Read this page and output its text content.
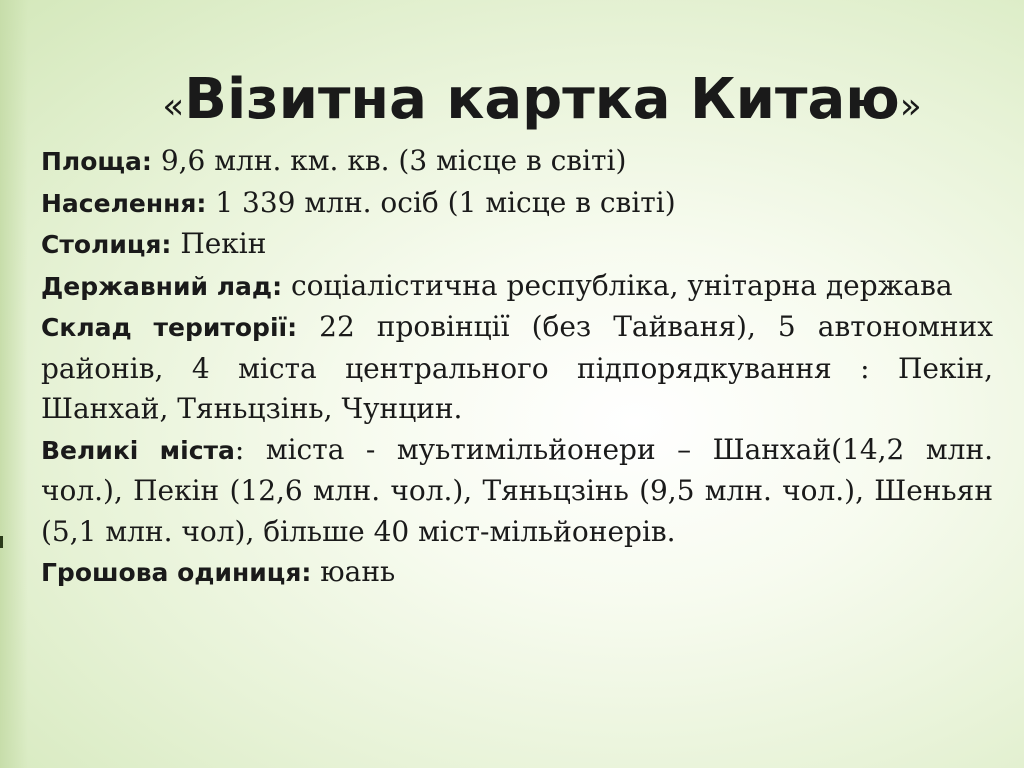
«Візитна картка Китаю»

Площа: 9,6 млн. км. кв. (3 місце в світі)

Населення: 1 339 млн. осіб (1 місце в світі)

Столиця: Пекін

Державний лад: соціалістична республіка, унітарна держава

Склад території: 22 провінції (без Тайваня), 5 автономних районів, 4 міста центрального підпорядкування : Пекін, Шанхай, Тяньцзінь, Чунцин.

Великі міста: міста - муьтимільйонери – Шанхай(14,2 млн. чол.), Пекін (12,6 млн. чол.), Тяньцзінь (9,5 млн. чол.), Шеньян (5,1 млн. чол), більше 40 міст-мільйонерів.

Грошова одиниця: юань
